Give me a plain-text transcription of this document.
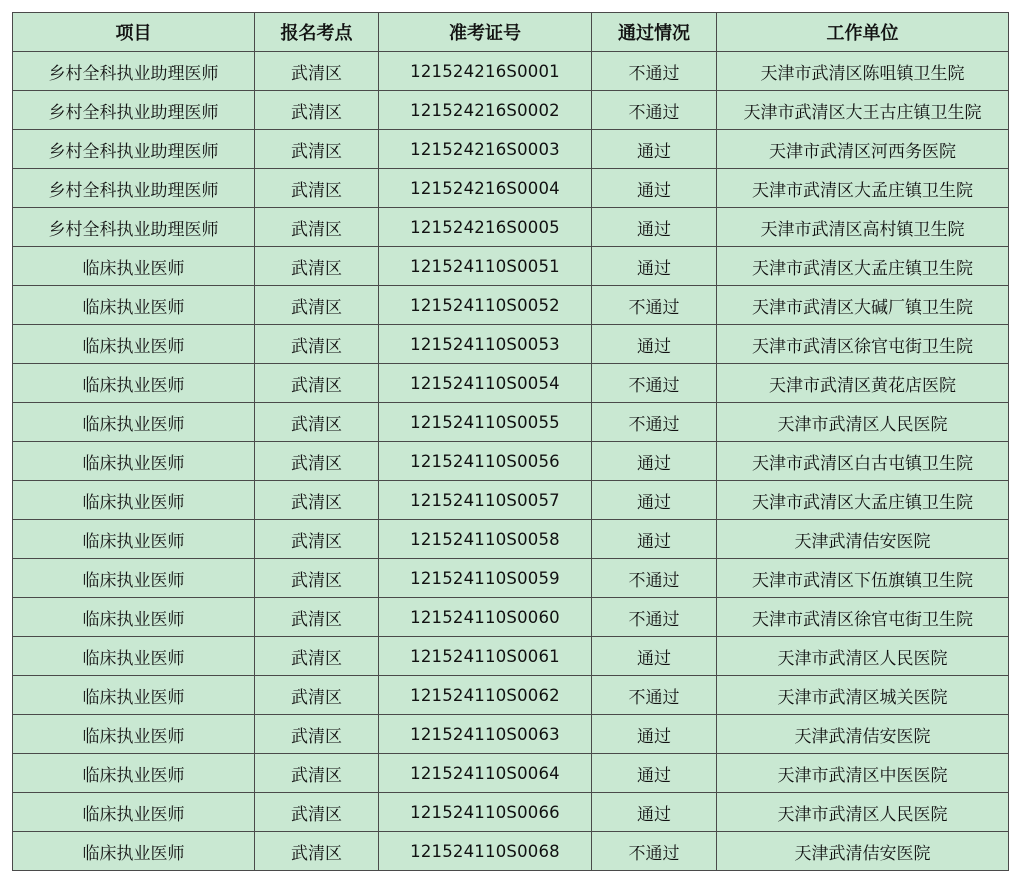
项目	报名考点	准考证号	通过情况	工作单位
乡村全科执业助理医师	武清区	121524216S0001	不通过	天津市武清区陈咀镇卫生院
乡村全科执业助理医师	武清区	121524216S0002	不通过	天津市武清区大王古庄镇卫生院
乡村全科执业助理医师	武清区	121524216S0003	通过	天津市武清区河西务医院
乡村全科执业助理医师	武清区	121524216S0004	通过	天津市武清区大孟庄镇卫生院
乡村全科执业助理医师	武清区	121524216S0005	通过	天津市武清区高村镇卫生院
临床执业医师	武清区	121524110S0051	通过	天津市武清区大孟庄镇卫生院
临床执业医师	武清区	121524110S0052	不通过	天津市武清区大碱厂镇卫生院
临床执业医师	武清区	121524110S0053	通过	天津市武清区徐官屯街卫生院
临床执业医师	武清区	121524110S0054	不通过	天津市武清区黄花店医院
临床执业医师	武清区	121524110S0055	不通过	天津市武清区人民医院
临床执业医师	武清区	121524110S0056	通过	天津市武清区白古屯镇卫生院
临床执业医师	武清区	121524110S0057	通过	天津市武清区大孟庄镇卫生院
临床执业医师	武清区	121524110S0058	通过	天津武清佶安医院
临床执业医师	武清区	121524110S0059	不通过	天津市武清区下伍旗镇卫生院
临床执业医师	武清区	121524110S0060	不通过	天津市武清区徐官屯街卫生院
临床执业医师	武清区	121524110S0061	通过	天津市武清区人民医院
临床执业医师	武清区	121524110S0062	不通过	天津市武清区城关医院
临床执业医师	武清区	121524110S0063	通过	天津武清佶安医院
临床执业医师	武清区	121524110S0064	通过	天津市武清区中医医院
临床执业医师	武清区	121524110S0066	通过	天津市武清区人民医院
临床执业医师	武清区	121524110S0068	不通过	天津武清佶安医院
